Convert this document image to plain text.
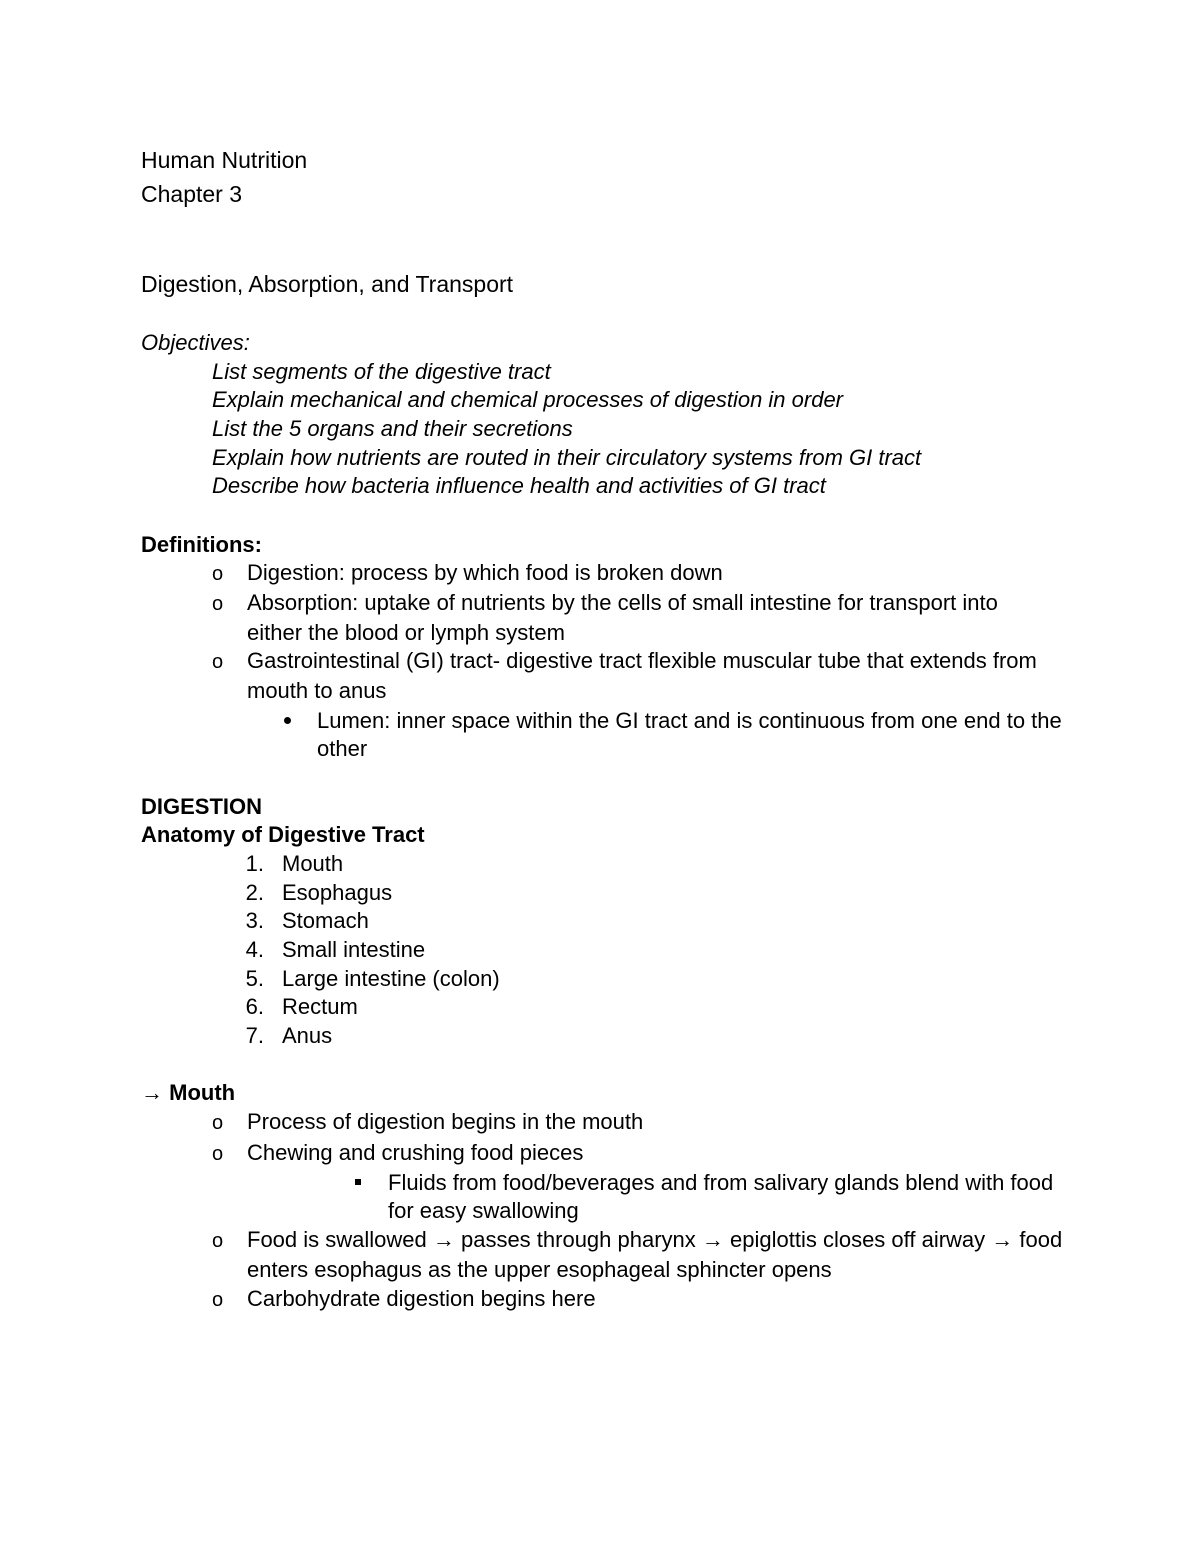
Human Nutrition
Chapter 3
Digestion, Absorption, and Transport
Objectives:
List segments of the digestive tract
Explain mechanical and chemical processes of digestion in order
List the 5 organs and their secretions
Explain how nutrients are routed in their circulatory systems from GI tract
Describe how bacteria influence health and activities of GI tract
Definitions:
o Digestion: process by which food is broken down
o Absorption: uptake of nutrients by the cells of small intestine for transport into
either the blood or lymph system
o Gastrointestinal (GI) tract- digestive tract flexible muscular tube that extends from
mouth to anus
Lumen: inner space within the GI tract and is continuous from one end to the
other
DIGESTION
Anatomy of Digestive Tract
1. Mouth
2. Esophagus
3. Stomach
4. Small intestine
5. Large intestine (colon)
6. Rectum
7. Anus
→ Mouth
o Process of digestion begins in the mouth
o Chewing and crushing food pieces
Fluids from food/beverages and from salivary glands blend with food
for easy swallowing
o Food is swallowed → passes through pharynx → epiglottis closes off airway → food
enters esophagus as the upper esophageal sphincter opens
o Carbohydrate digestion begins here
